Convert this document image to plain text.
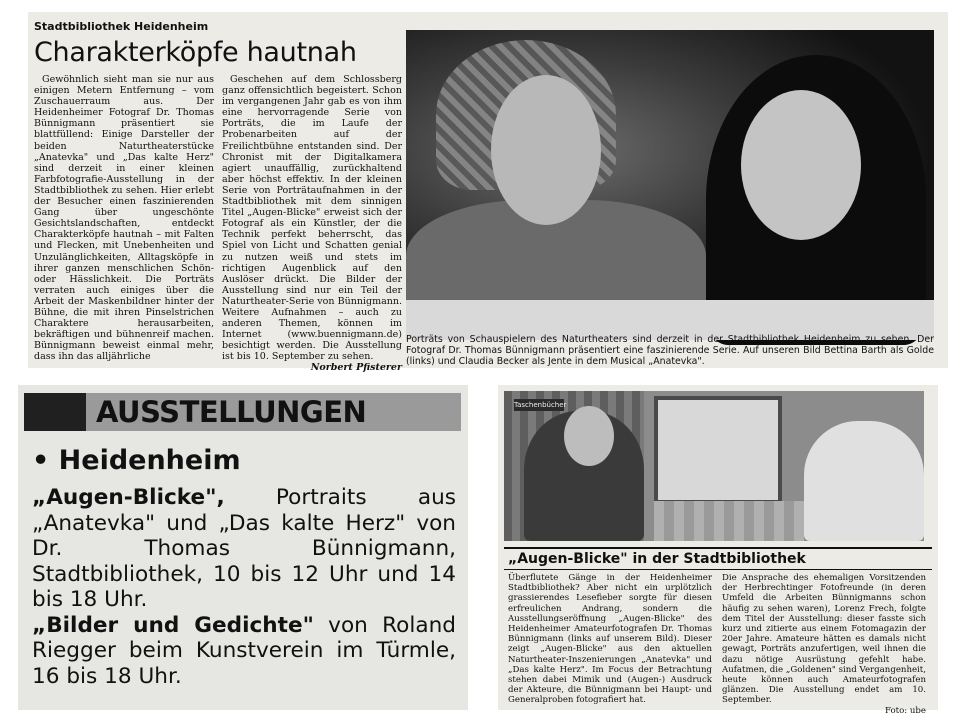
Stadtbibliothek Heidenheim
Charakterköpfe hautnah

Gewöhnlich sieht man sie nur aus einigen Metern Entfernung – vom Zuschauerraum aus. Der Heidenheimer Fotograf Dr. Thomas Bünnigmann präsentiert sie blattfüllend: Einige Darsteller der beiden Naturtheaterstücke „Anatevka" und „Das kalte Herz" sind derzeit in einer kleinen Farbfotografie-Ausstellung in der Stadtbibliothek zu sehen. Hier erlebt der Besucher einen faszinierenden Gang über ungeschönte Gesichtslandschaften, entdeckt Charakterköpfe hautnah – mit Falten und Flecken, mit Unebenheiten und Unzulänglichkeiten, Alltagsköpfe in ihrer ganzen menschlichen Schön- oder Hässlichkeit. Die Porträts verraten auch einiges über die Arbeit der Maskenbildner hinter der Bühne, die mit ihren Pinselstrichen Charaktere herausarbeiten, bekräftigen und bühnenreif machen. Bünnigmann beweist einmal mehr, dass ihn das alljährliche

Geschehen auf dem Schlossberg ganz offensichtlich begeistert. Schon im vergangenen Jahr gab es von ihm eine hervorragende Serie von Porträts, die im Laufe der Probenarbeiten auf der Freilichtbühne entstanden sind. Der Chronist mit der Digitalkamera agiert unauffällig, zurückhaltend aber höchst effektiv. In der kleinen Serie von Porträtaufnahmen in der Stadtbibliothek mit dem sinnigen Titel „Augen-Blicke" erweist sich der Fotograf als ein Künstler, der die Technik perfekt beherrscht, das Spiel von Licht und Schatten genial zu nutzen weiß und stets im richtigen Augenblick auf den Auslöser drückt. Die Bilder der Ausstellung sind nur ein Teil der Naturtheater-Serie von Bünnigmann. Weitere Aufnahmen – auch zu anderen Themen, können im Internet (www.buennigmann.de) besichtigt werden. Die Ausstellung ist bis 10. September zu sehen.

Norbert Pfisterer
Porträts von Schauspielern des Naturtheaters sind derzeit in der Stadtbibliothek Heidenheim zu sehen. Der Fotograf Dr. Thomas Bünnigmann präsentiert eine faszinierende Serie. Auf unseren Bild Bettina Barth als Golde (links) und Claudia Becker als Jente in dem Musical „Anatevka".
AUSSTELLUNGEN
• Heidenheim
„Augen-Blicke", Portraits aus „Anatevka" und „Das kalte Herz" von Dr. Thomas Bünnigmann, Stadtbibliothek, 10 bis 12 Uhr und 14 bis 18 Uhr.
„Bilder und Gedichte" von Roland Riegger beim Kunstverein im Türmle, 16 bis 18 Uhr.
Taschenbücher
„Augen-Blicke" in der Stadtbibliothek
Überflutete Gänge in der Heidenheimer Stadtbibliothek? Aber nicht ein urplötzlich grassierendes Lesefieber sorgte für diesen erfreulichen Andrang, sondern die Ausstellungseröffnung „Augen-Blicke" des Heidenheimer Amateurfotografen Dr. Thomas Bünnigmann (links auf unserem Bild). Dieser zeigt „Augen-Blicke" aus den aktuellen Naturtheater-Inszenierungen „Anatevka" und „Das kalte Herz". Im Focus der Betrachtung stehen dabei Mimik und (Augen-) Ausdruck der Akteure, die Bünnigmann bei Haupt- und Generalproben fotografiert hat.
Die Ansprache des ehemaligen Vorsitzenden der Herbrechtinger Fotofreunde (in deren Umfeld die Arbeiten Bünnigmanns schon häufig zu sehen waren), Lorenz Frech, folgte dem Titel der Ausstellung: dieser fasste sich kurz und zitierte aus einem Fotomagazin der 20er Jahre. Amateure hätten es damals nicht gewagt, Porträts anzufertigen, weil ihnen die dazu nötige Ausrüstung gefehlt habe. Aufatmen, die „Goldenen" sind Vergangenheit, heute können auch Amateurfotografen glänzen. Die Ausstellung endet am 10. September.
Foto: ube
